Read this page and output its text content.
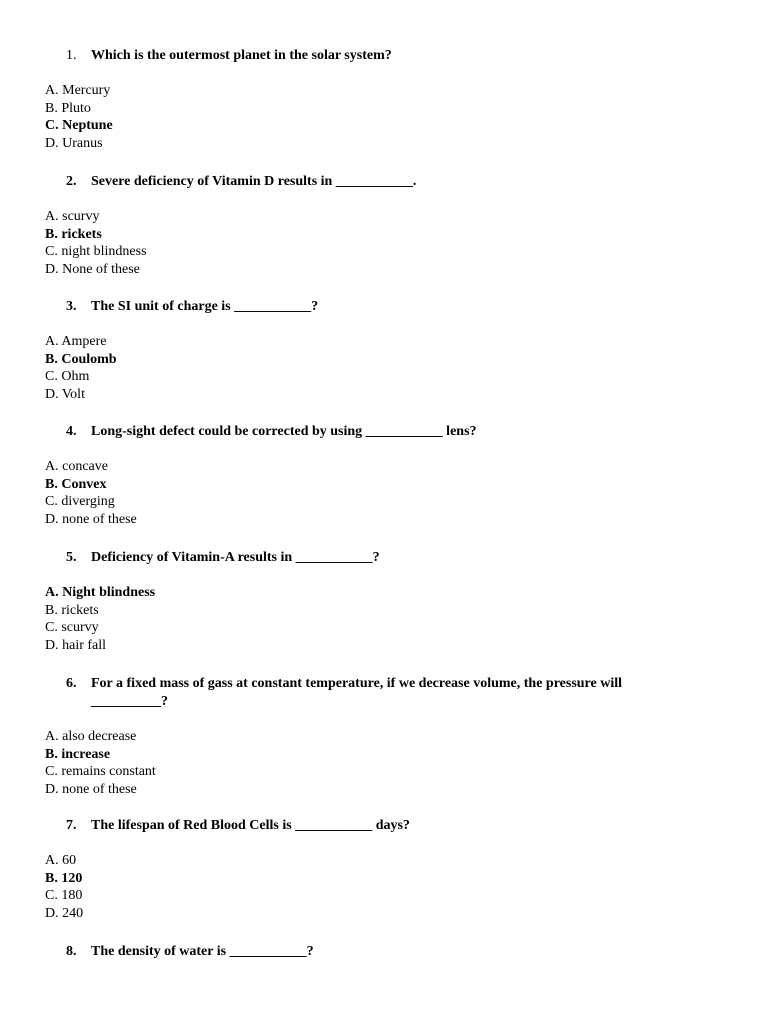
1.	Which is the outermost planet in the solar system?
A. Mercury
B. Pluto
C. Neptune
D. Uranus
2.	Severe deficiency of Vitamin D results in ___________.
A. scurvy
B. rickets
C. night blindness
D. None of these
3.	The SI unit of charge is ___________?
A. Ampere
B. Coulomb
C. Ohm
D. Volt
4.	Long-sight defect could be corrected by using ___________ lens?
A. concave
B. Convex
C. diverging
D. none of these
5.	Deficiency of Vitamin-A results in ___________?
A. Night blindness
B. rickets
C. scurvy
D. hair fall
6.	For a fixed mass of gass at constant temperature, if we decrease volume, the pressure will
__________?
A. also decrease
B. increase
C. remains constant
D. none of these
7.	The lifespan of Red Blood Cells is ___________ days?
A. 60
B. 120
C. 180
D. 240
8.	The density of water is ___________?
